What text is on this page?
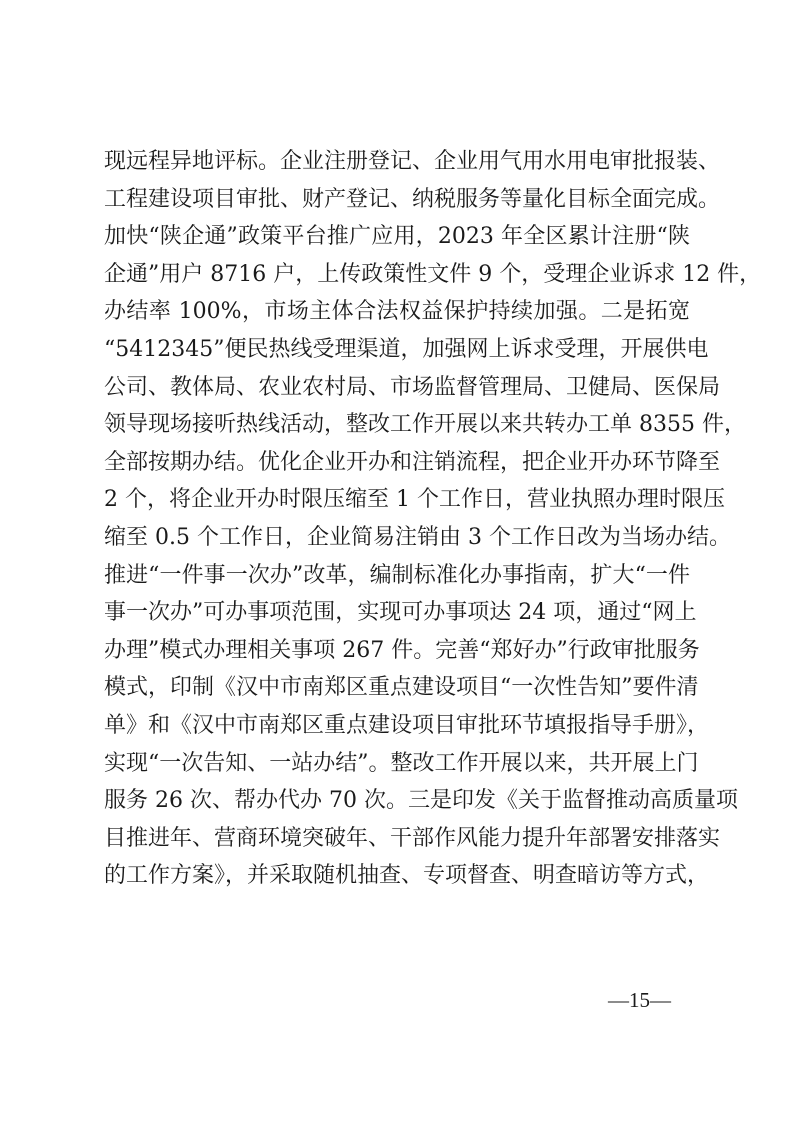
现远程异地评标。企业注册登记、企业用气用水用电审批报装、
工程建设项目审批、财产登记、纳税服务等量化目标全面完成。
加快“陕企通”政策平台推广应用，2023 年全区累计注册“陕
企通”用户 8716 户，上传政策性文件 9 个，受理企业诉求 12 件，
办结率 100%，市场主体合法权益保护持续加强。二是拓宽
“5412345”便民热线受理渠道，加强网上诉求受理，开展供电
公司、教体局、农业农村局、市场监督管理局、卫健局、医保局
领导现场接听热线活动，整改工作开展以来共转办工单 8355 件，
全部按期办结。优化企业开办和注销流程，把企业开办环节降至
2 个，将企业开办时限压缩至 1 个工作日，营业执照办理时限压
缩至 0.5 个工作日，企业简易注销由 3 个工作日改为当场办结。
推进“一件事一次办”改革，编制标准化办事指南，扩大“一件
事一次办”可办事项范围，实现可办事项达 24 项，通过“网上
办理”模式办理相关事项 267 件。完善“郑好办”行政审批服务
模式，印制《汉中市南郑区重点建设项目“一次性告知”要件清
单》和《汉中市南郑区重点建设项目审批环节填报指导手册》，
实现“一次告知、一站办结”。整改工作开展以来，共开展上门
服务 26 次、帮办代办 70 次。三是印发《关于监督推动高质量项
目推进年、营商环境突破年、干部作风能力提升年部署安排落实
的工作方案》，并采取随机抽查、专项督查、明查暗访等方式，
—15—
